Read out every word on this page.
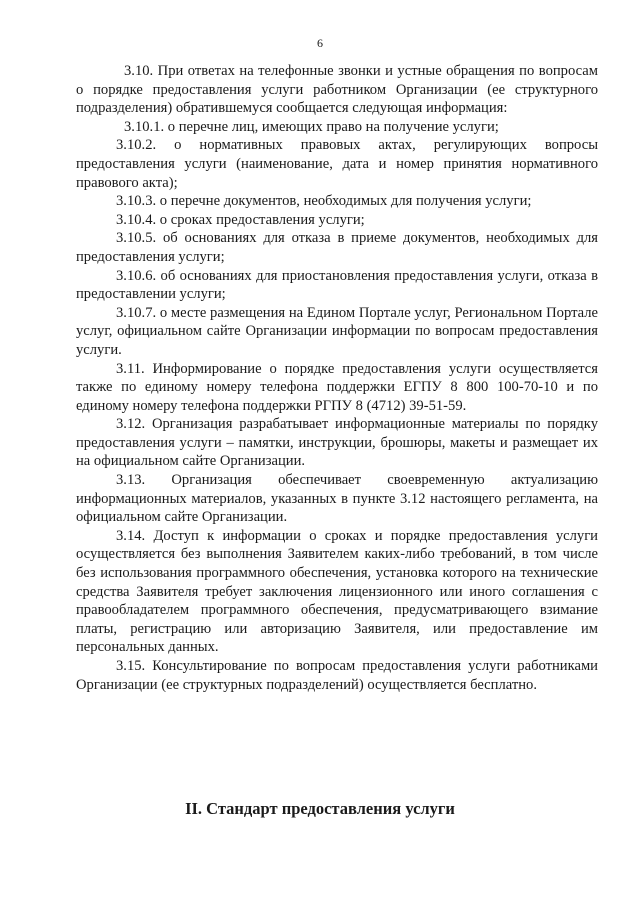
6

3.10. При ответах на телефонные звонки и устные обращения по вопросам о порядке предоставления услуги работником Организации (ее структурного подразделения) обратившемуся сообщается следующая информация:

3.10.1. о перечне лиц, имеющих право на получение услуги;

3.10.2. о нормативных правовых актах, регулирующих вопросы предоставления услуги (наименование, дата и номер принятия нормативного правового акта);

3.10.3. о перечне документов, необходимых для получения услуги;

3.10.4. о сроках предоставления услуги;

3.10.5. об основаниях для отказа в приеме документов, необходимых для предоставления услуги;

3.10.6. об основаниях для приостановления предоставления услуги, отказа в предоставлении услуги;

3.10.7. о месте размещения на Едином Портале услуг, Региональном Портале услуг, официальном сайте Организации информации по вопросам предоставления услуги.

3.11. Информирование о порядке предоставления услуги осуществляется также по единому номеру телефона поддержки ЕГПУ 8 800 100-70-10 и по единому номеру телефона поддержки РГПУ 8 (4712) 39-51-59.

3.12. Организация разрабатывает информационные материалы по порядку предоставления услуги – памятки, инструкции, брошюры, макеты и размещает их на официальном сайте Организации.

3.13. Организация обеспечивает своевременную актуализацию информационных материалов, указанных в пункте 3.12 настоящего регламента, на официальном сайте Организации.

3.14. Доступ к информации о сроках и порядке предоставления услуги осуществляется без выполнения Заявителем каких-либо требований, в том числе без использования программного обеспечения, установка которого на технические средства Заявителя требует заключения лицензионного или иного соглашения с правообладателем программного обеспечения, предусматривающего взимание платы, регистрацию или авторизацию Заявителя, или предоставление им персональных данных.

3.15. Консультирование по вопросам предоставления услуги работниками Организации (ее структурных подразделений) осуществляется бесплатно.

II. Стандарт предоставления услуги
